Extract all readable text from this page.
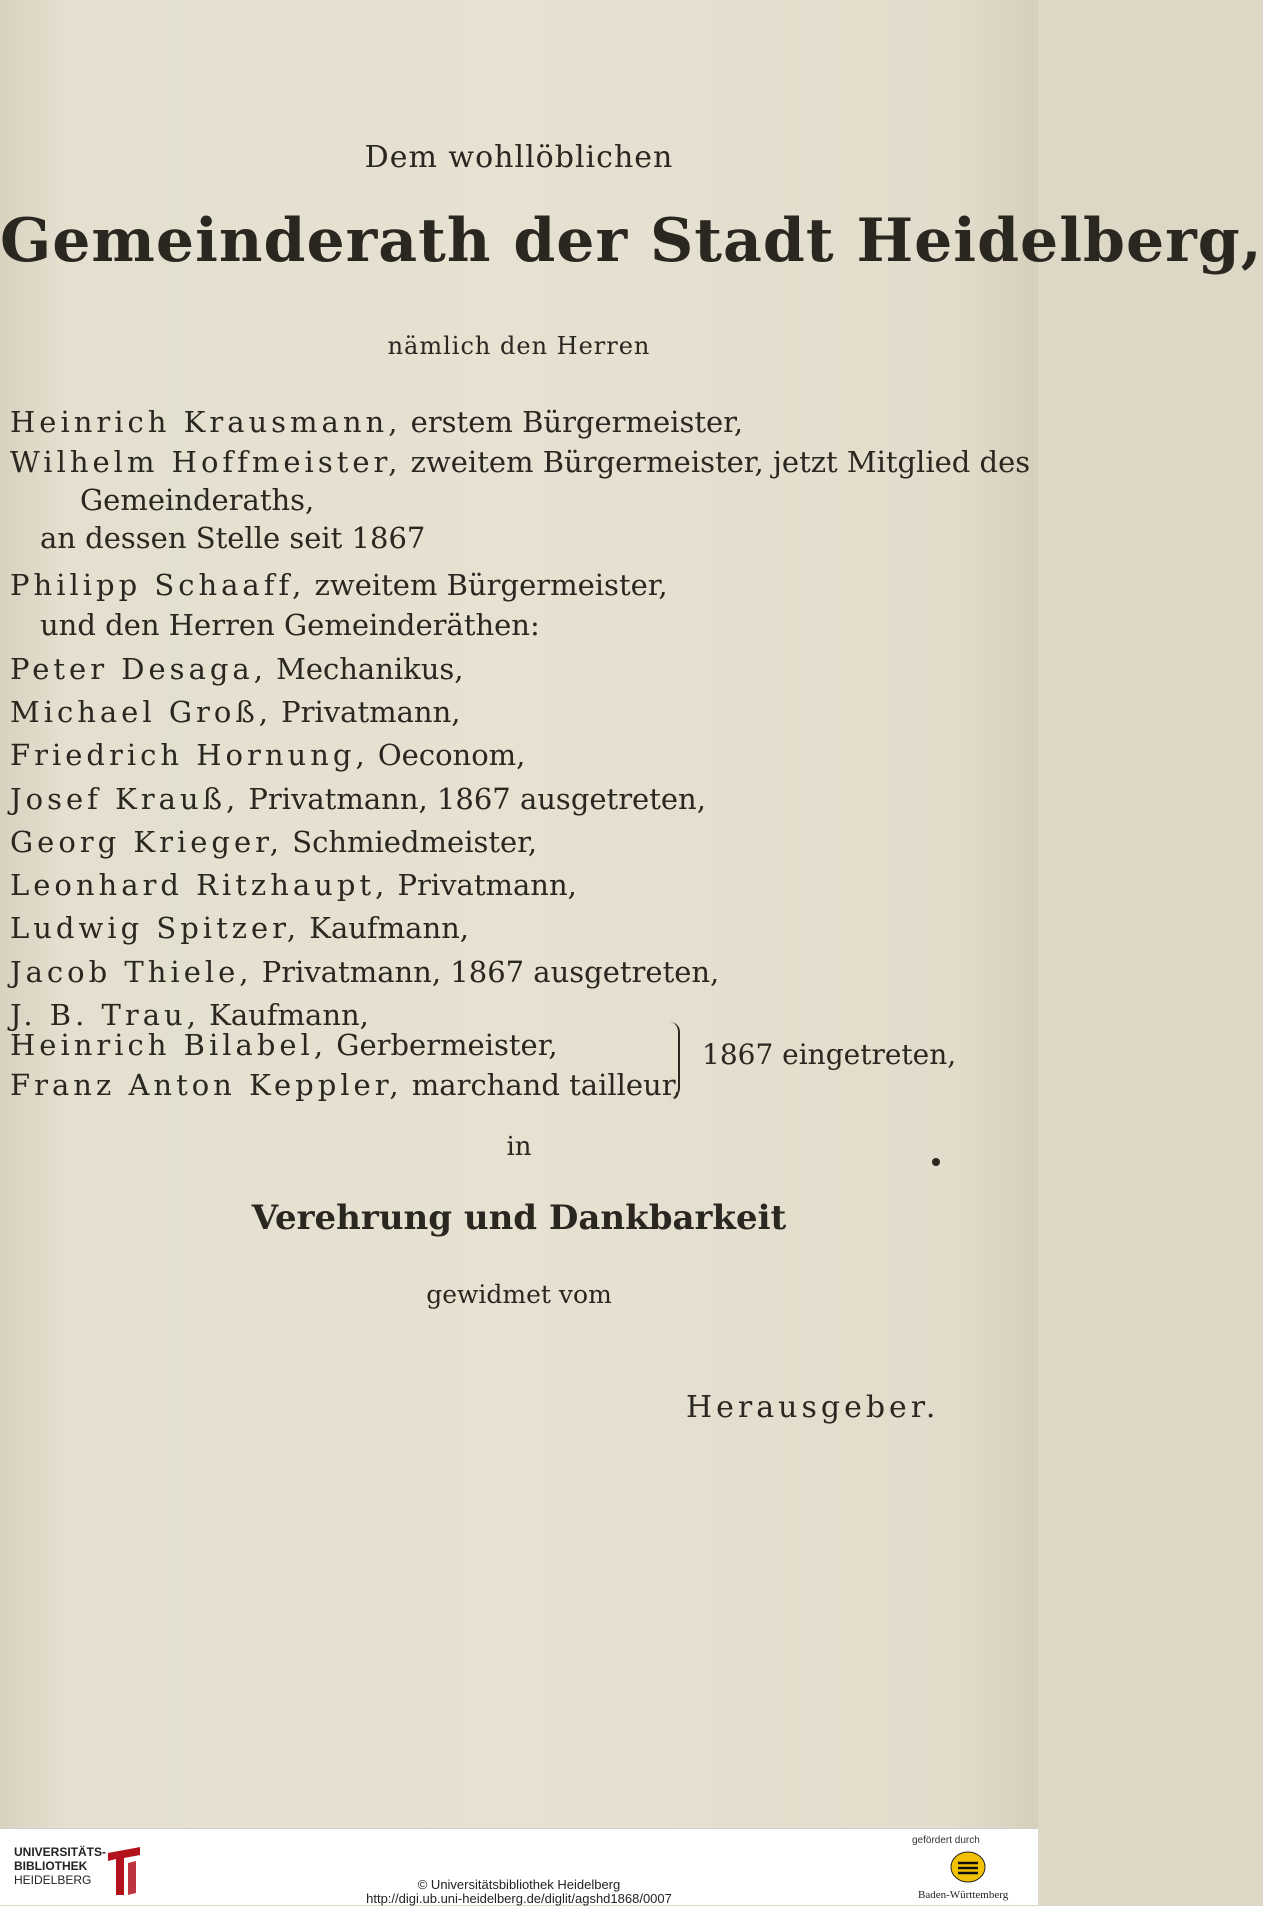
Dem wohllöblichen
Gemeinderath der Stadt Heidelberg,
nämlich den Herren
Heinrich Krausmann, erstem Bürgermeister,
Wilhelm Hoffmeister, zweitem Bürgermeister, jetzt Mitglied des
Gemeinderaths,
an dessen Stelle seit 1867
Philipp Schaaff, zweitem Bürgermeister,
und den Herren Gemeinderäthen:
Peter Desaga, Mechanikus,
Michael Groß, Privatmann,
Friedrich Hornung, Oeconom,
Josef Krauß, Privatmann, 1867 ausgetreten,
Georg Krieger, Schmiedmeister,
Leonhard Ritzhaupt, Privatmann,
Ludwig Spitzer, Kaufmann,
Jacob Thiele, Privatmann, 1867 ausgetreten,
J. B. Trau, Kaufmann,
Heinrich Bilabel, Gerbermeister,
Franz Anton Keppler, marchand tailleur,
1867 eingetreten,
in
Verehrung und Dankbarkeit
gewidmet vom
Herausgeber.
UNIVERSITÄTS-
BIBLIOTHEK
HEIDELBERG	© Universitätsbibliothek Heidelberg
http://digi.ub.uni-heidelberg.de/diglit/agshd1868/0007
gefördert durch
Baden-Württemberg
